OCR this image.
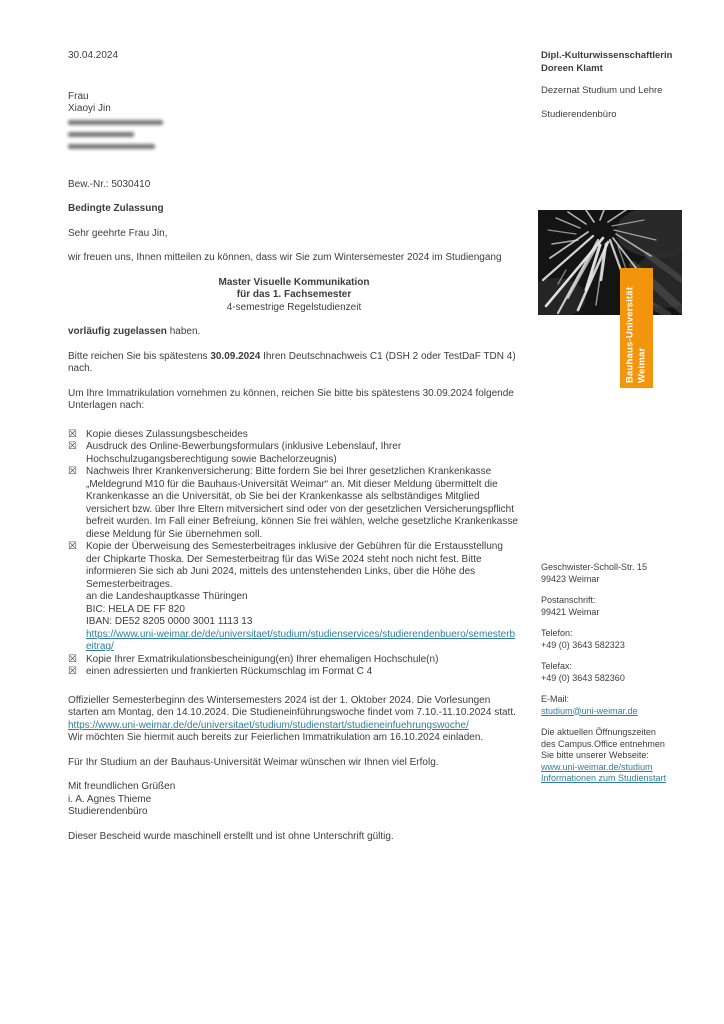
30.04.2024

Frau
Xiaoyi Jin

Bew.-Nr.: 5030410

Bedingte Zulassung

Sehr geehrte Frau Jin,

wir freuen uns, Ihnen mitteilen zu können, dass wir Sie zum Wintersemester 2024 im Studiengang

Master Visuelle Kommunikation
für das 1. Fachsemester
4-semestrige Regelstudienzeit

vorläufig zugelassen haben.

Bitte reichen Sie bis spätestens 30.09.2024 Ihren Deutschnachweis C1 (DSH 2 oder TestDaF TDN 4) nach.

Um Ihre Immatrikulation vornehmen zu können, reichen Sie bitte bis spätestens 30.09.2024 folgende Unterlagen nach:

☒ Kopie dieses Zulassungsbescheides
☒ Ausdruck des Online-Bewerbungsformulars (inklusive Lebenslauf, Ihrer Hochschulzugangsberechtigung sowie Bachelorzeugnis)
☒ Nachweis Ihrer Krankenversicherung: Bitte fordern Sie bei Ihrer gesetzlichen Krankenkasse „Meldegrund M10 für die Bauhaus-Universität Weimar“ an. Mit dieser Meldung übermittelt die Krankenkasse an die Universität, ob Sie bei der Krankenkasse als selbständiges Mitglied versichert bzw. über Ihre Eltern mitversichert sind oder von der gesetzlichen Versicherungspflicht befreit wurden. Im Fall einer Befreiung, können Sie frei wählen, welche gesetzliche Krankenkasse diese Meldung für Sie übernehmen soll.
☒ Kopie der Überweisung des Semesterbeitrages inklusive der Gebühren für die Erstausstellung der Chipkarte Thoska. Der Semesterbeitrag für das WiSe 2024 steht noch nicht fest. Bitte informieren Sie sich ab Juni 2024, mittels des untenstehenden Links, über die Höhe des Semesterbeitrages.
an die Landeshauptkasse Thüringen
BIC: HELA DE FF 820
IBAN: DE52 8205 0000 3001 1113 13
https://www.uni-weimar.de/de/universitaet/studium/studienservices/studierendenbuero/semesterbeitrag/
☒ Kopie Ihrer Exmatrikulationsbescheinigung(en) Ihrer ehemaligen Hochschule(n)
☒ einen adressierten und frankierten Rückumschlag im Format C 4
Offizieller Semesterbeginn des Wintersemesters 2024 ist der 1. Oktober 2024. Die Vorlesungen starten am Montag, den 14.10.2024. Die Studieneinführungswoche findet vom 7.10.-11.10.2024 statt.
https://www.uni-weimar.de/de/universitaet/studium/studienstart/studieneinfuehrungswoche/

Wir möchten Sie hiermit auch bereits zur Feierlichen Immatrikulation am 16.10.2024 einladen.

Für Ihr Studium an der Bauhaus-Universität Weimar wünschen wir Ihnen viel Erfolg.

Mit freundlichen Grüßen
i. A. Agnes Thieme
Studierendenbüro

Dieser Bescheid wurde maschinell erstellt und ist ohne Unterschrift gültig.

Dipl.-Kulturwissenschaftlerin
Doreen Klamt
Dezernat Studium und Lehre
Studierendenbüro
Bauhaus-Universität Weimar
Geschwister-Scholl-Str. 15
99423 Weimar
Postanschrift:
99421 Weimar
Telefon:
+49 (0) 3643 582323
Telefax:
+49 (0) 3643 582360
E-Mail:
studium@uni-weimar.de
Die aktuellen Öffnungszeiten
des Campus.Office entnehmen
Sie bitte unserer Webseite:
www.uni-weimar.de/studium
Informationen zum Studienstart
